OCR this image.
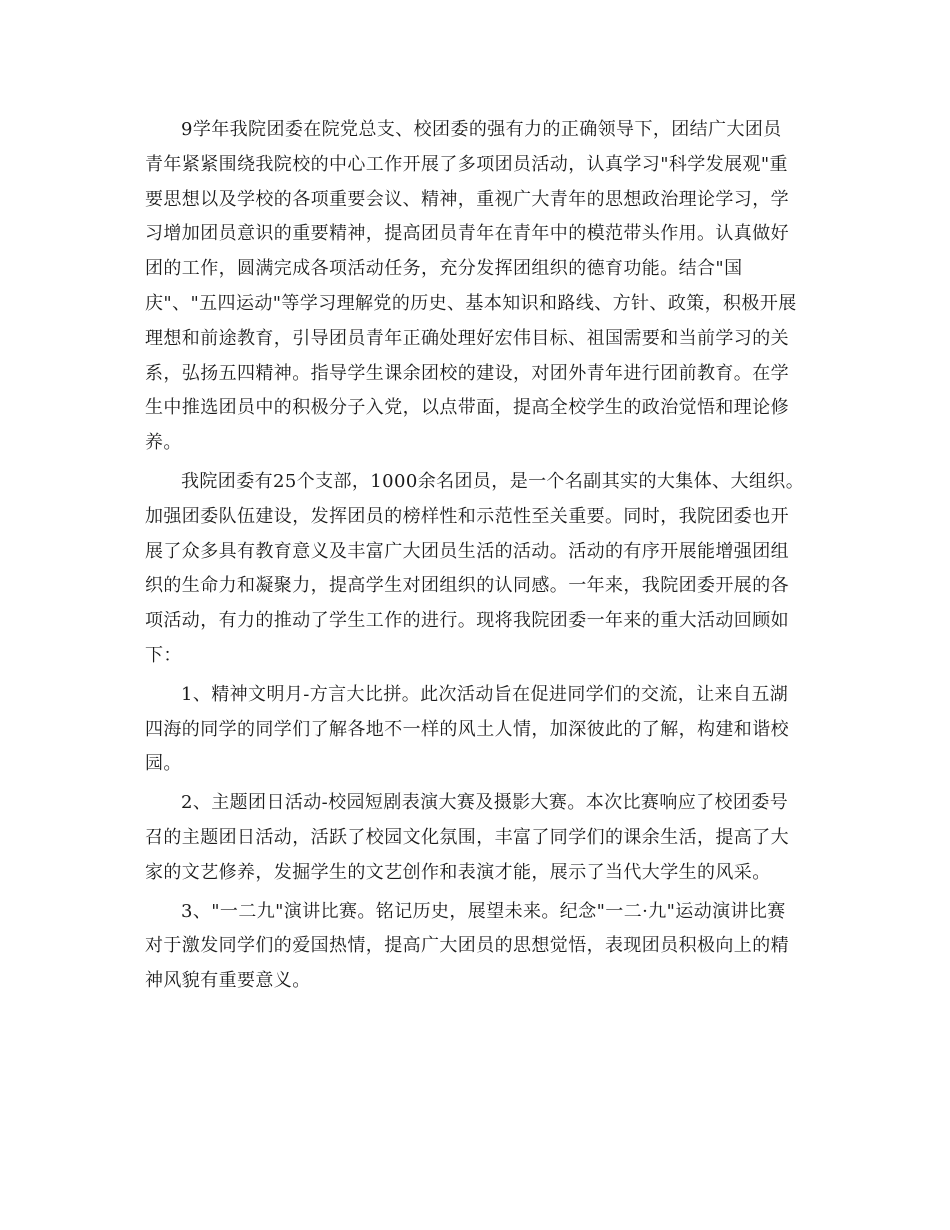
9学年我院团委在院党总支、校团委的强有力的正确领导下，团结广大团员
青年紧紧围绕我院校的中心工作开展了多项团员活动，认真学习"科学发展观"重
要思想以及学校的各项重要会议、精神，重视广大青年的思想政治理论学习，学
习增加团员意识的重要精神，提高团员青年在青年中的模范带头作用。认真做好
团的工作，圆满完成各项活动任务，充分发挥团组织的德育功能。结合"国
庆"、"五四运动"等学习理解党的历史、基本知识和路线、方针、政策，积极开展
理想和前途教育，引导团员青年正确处理好宏伟目标、祖国需要和当前学习的关
系，弘扬五四精神。指导学生课余团校的建设，对团外青年进行团前教育。在学
生中推选团员中的积极分子入党，以点带面，提高全校学生的政治觉悟和理论修
养。
我院团委有25个支部，1000余名团员，是一个名副其实的大集体、大组织。
加强团委队伍建设，发挥团员的榜样性和示范性至关重要。同时，我院团委也开
展了众多具有教育意义及丰富广大团员生活的活动。活动的有序开展能增强团组
织的生命力和凝聚力，提高学生对团组织的认同感。一年来，我院团委开展的各
项活动，有力的推动了学生工作的进行。现将我院团委一年来的重大活动回顾如
下：
1、精神文明月-方言大比拼。此次活动旨在促进同学们的交流，让来自五湖
四海的同学的同学们了解各地不一样的风土人情，加深彼此的了解，构建和谐校
园。
2、主题团日活动-校园短剧表演大赛及摄影大赛。本次比赛响应了校团委号
召的主题团日活动，活跃了校园文化氛围，丰富了同学们的课余生活，提高了大
家的文艺修养，发掘学生的文艺创作和表演才能，展示了当代大学生的风采。
3、"一二九"演讲比赛。铭记历史，展望未来。纪念"一二·九"运动演讲比赛
对于激发同学们的爱国热情，提高广大团员的思想觉悟，表现团员积极向上的精
神风貌有重要意义。
